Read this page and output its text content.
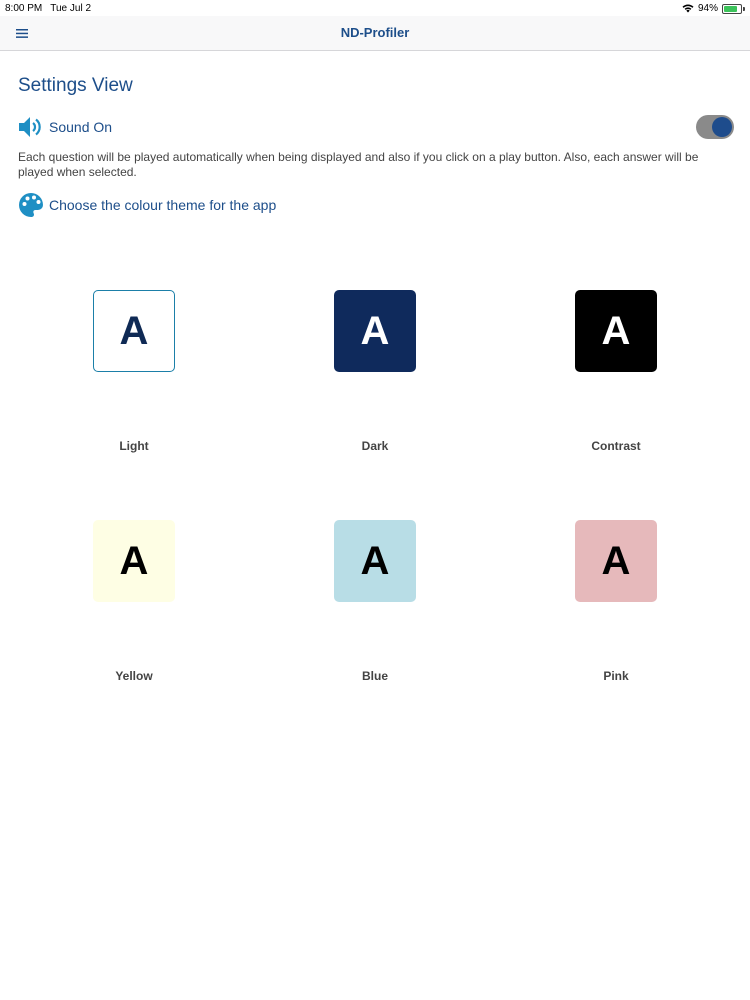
8:00 PM Tue Jul 2	94%
ND-Profiler
Settings View
Sound On
Each question will be played automatically when being displayed and also if you click on a play button. Also, each answer will be played when selected.
Choose the colour theme for the app
A
Light
A
Dark
A
Contrast
A
Yellow
A
Blue
A
Pink
